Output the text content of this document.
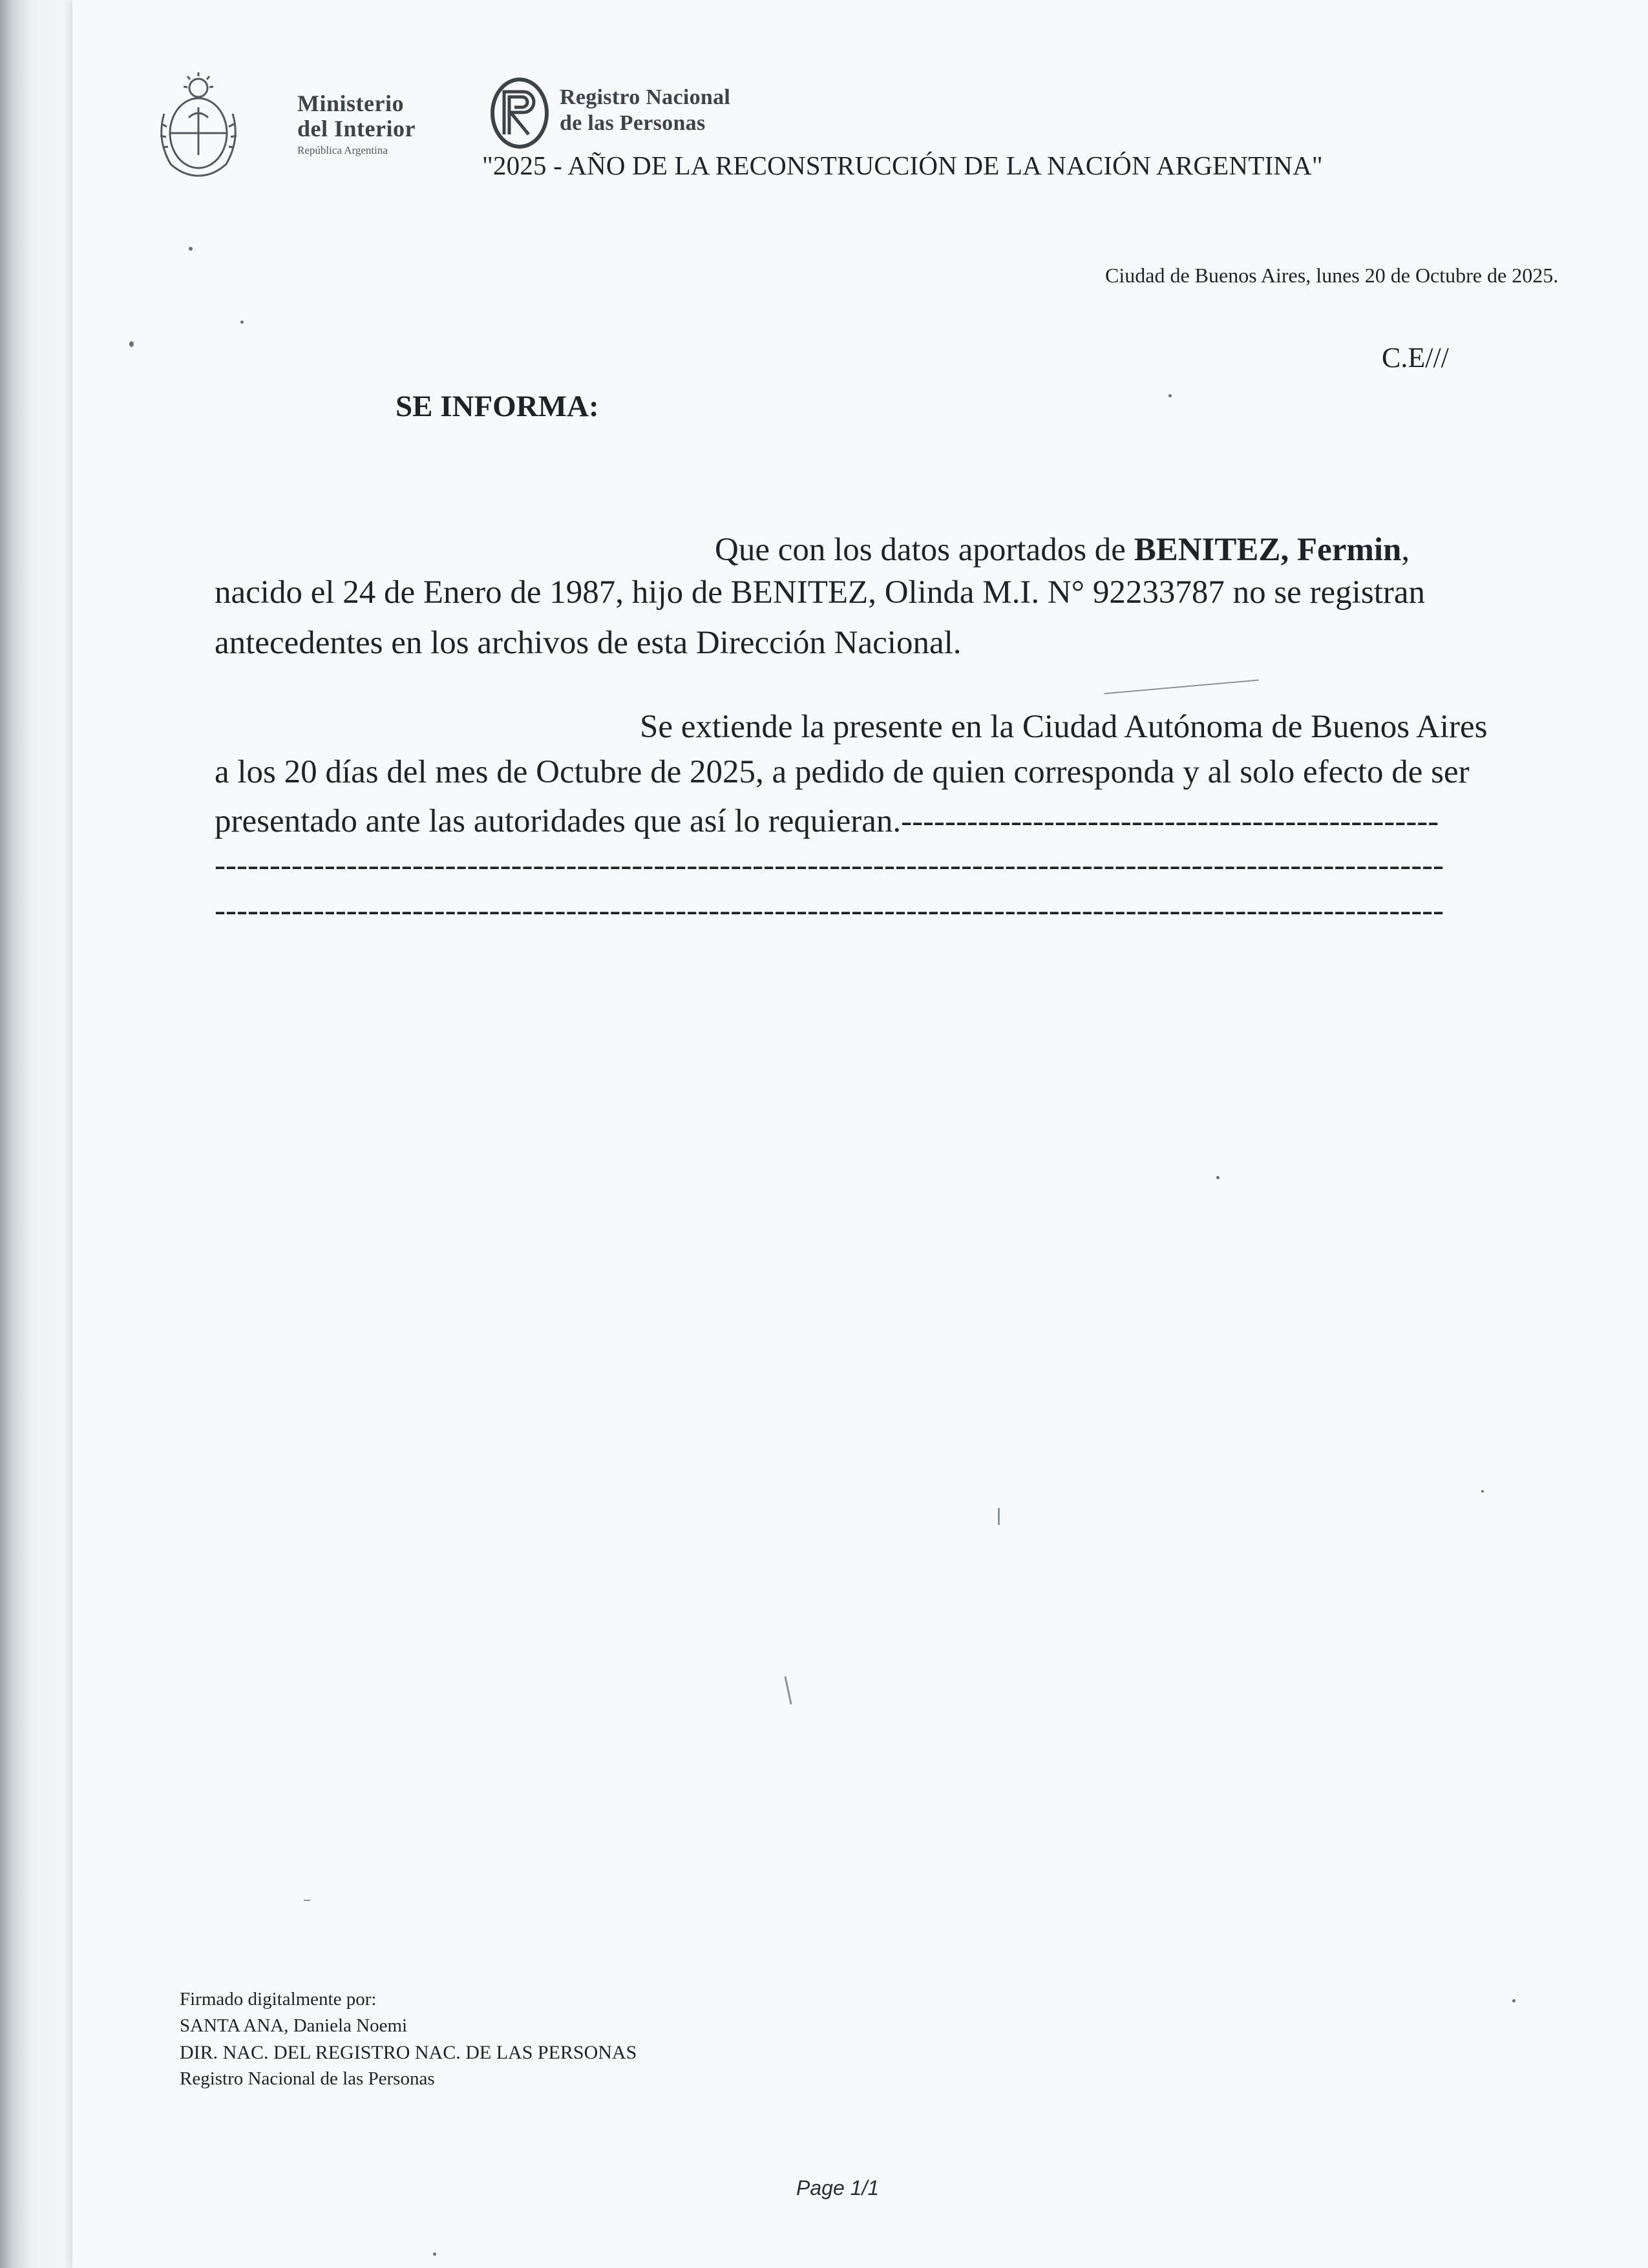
Ministerio
del Interior
República Argentina
Registro Nacional
de las Personas
"2025 - AÑO DE LA RECONSTRUCCIÓN DE LA NACIÓN ARGENTINA"
Ciudad de Buenos Aires, lunes 20 de Octubre de 2025.
C.E///
SE INFORMA:
Que con los datos aportados de BENITEZ, Fermin,
nacido el 24 de Enero de 1987, hijo de BENITEZ, Olinda M.I. N° 92233787 no se registran
antecedentes en los archivos de esta Dirección Nacional.
Se extiende la presente en la Ciudad Autónoma de Buenos Aires
a los 20 días del mes de Octubre de 2025, a pedido de quien corresponda y al solo efecto de ser
presentado ante las autoridades que así lo requieran.-------------------------------------------------
----------------------------------------------------------------------------------------------------------------
----------------------------------------------------------------------------------------------------------------
Firmado digitalmente por:
SANTA ANA, Daniela Noemi
DIR. NAC. DEL REGISTRO NAC. DE LAS PERSONAS
Registro Nacional de las Personas
Page 1/1
